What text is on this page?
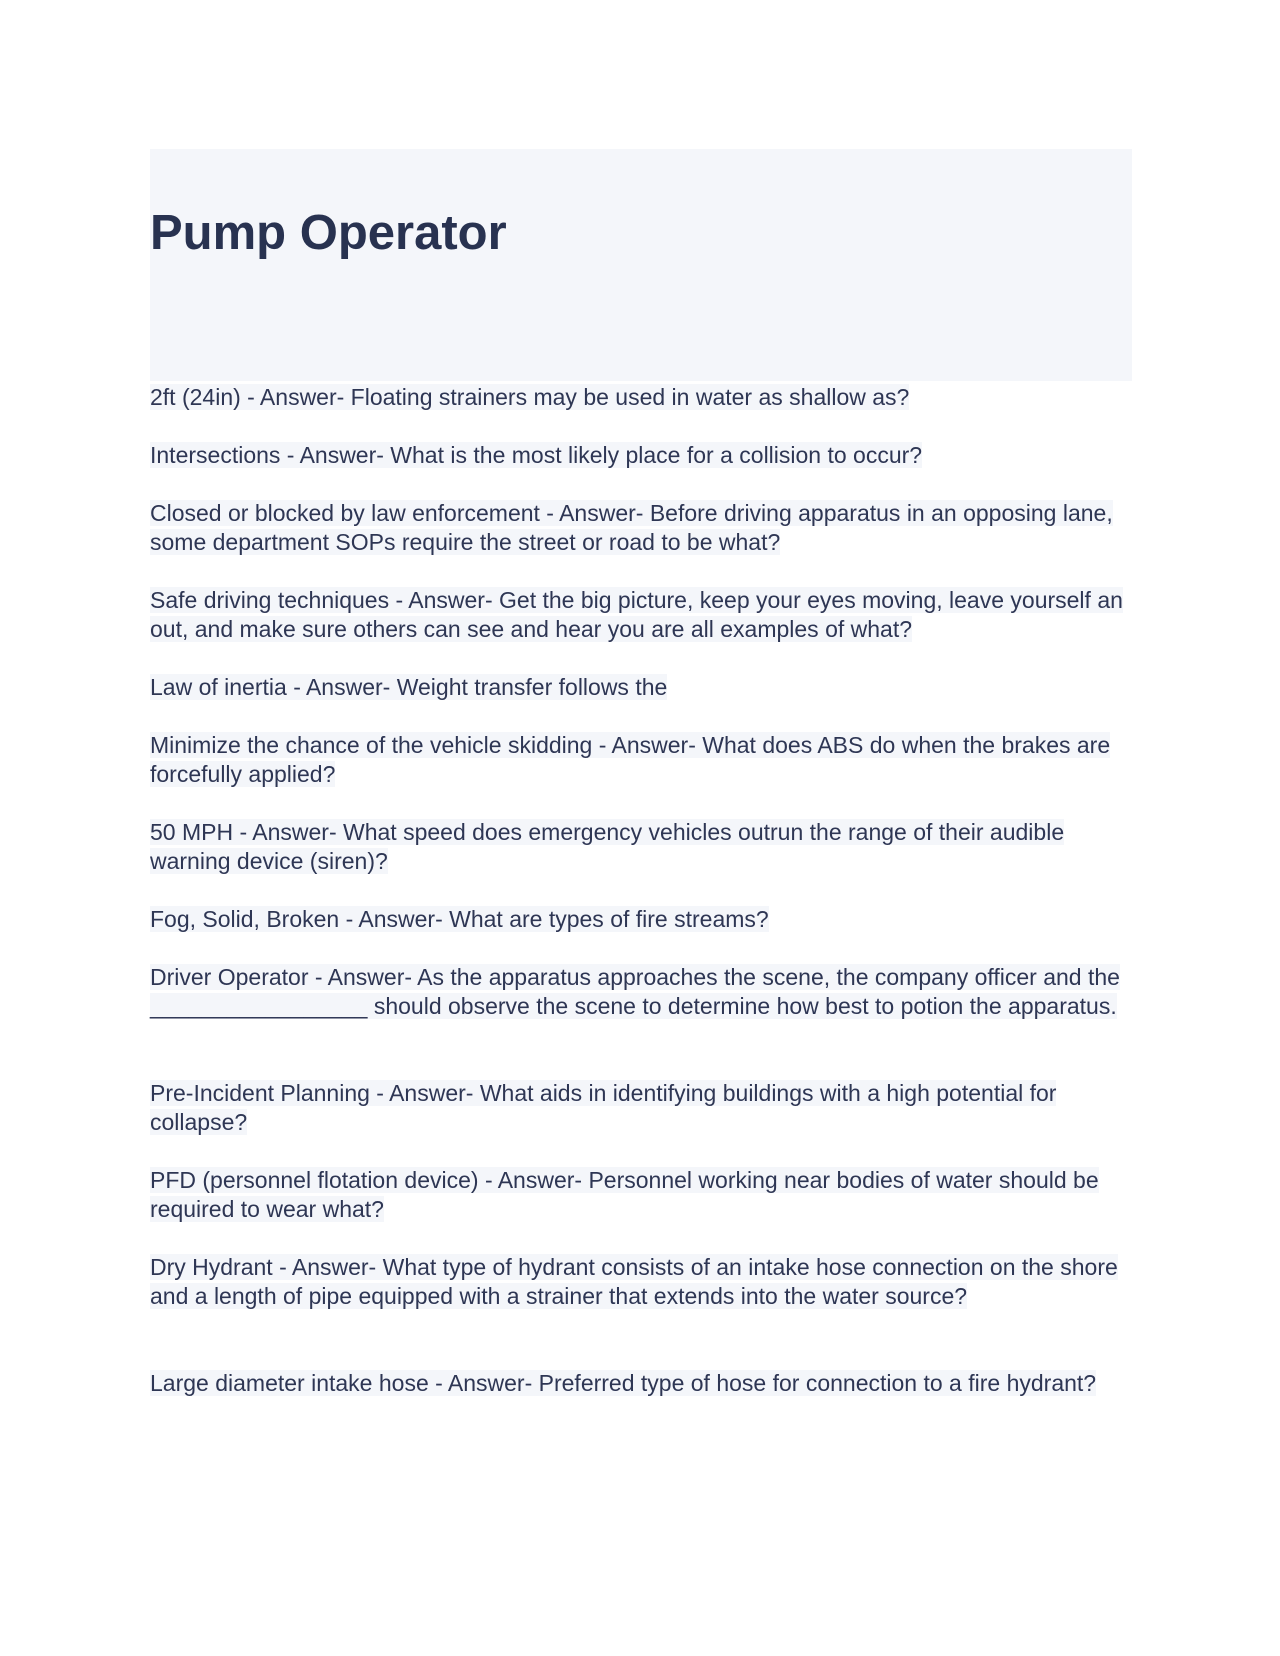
Pump Operator
2ft (24in) - Answer- Floating strainers may be used in water as shallow as?
Intersections - Answer- What is the most likely place for a collision to occur?
Closed or blocked by law enforcement - Answer- Before driving apparatus in an opposing lane, some department SOPs require the street or road to be what?
Safe driving techniques - Answer- Get the big picture, keep your eyes moving, leave yourself an out, and make sure others can see and hear you are all examples of what?
Law of inertia - Answer- Weight transfer follows the
Minimize the chance of the vehicle skidding - Answer- What does ABS do when the brakes are forcefully applied?
50 MPH - Answer- What speed does emergency vehicles outrun the range of their audible warning device (siren)?
Fog, Solid, Broken - Answer- What are types of fire streams?
Driver Operator - Answer- As the apparatus approaches the scene, the company officer and the _________________ should observe the scene to determine how best to potion the apparatus.
Pre-Incident Planning - Answer- What aids in identifying buildings with a high potential for collapse?
PFD (personnel flotation device) - Answer- Personnel working near bodies of water should be required to wear what?
Dry Hydrant - Answer- What type of hydrant consists of an intake hose connection on the shore and a length of pipe equipped with a strainer that extends into the water source?
Large diameter intake hose - Answer- Preferred type of hose for connection to a fire hydrant?
